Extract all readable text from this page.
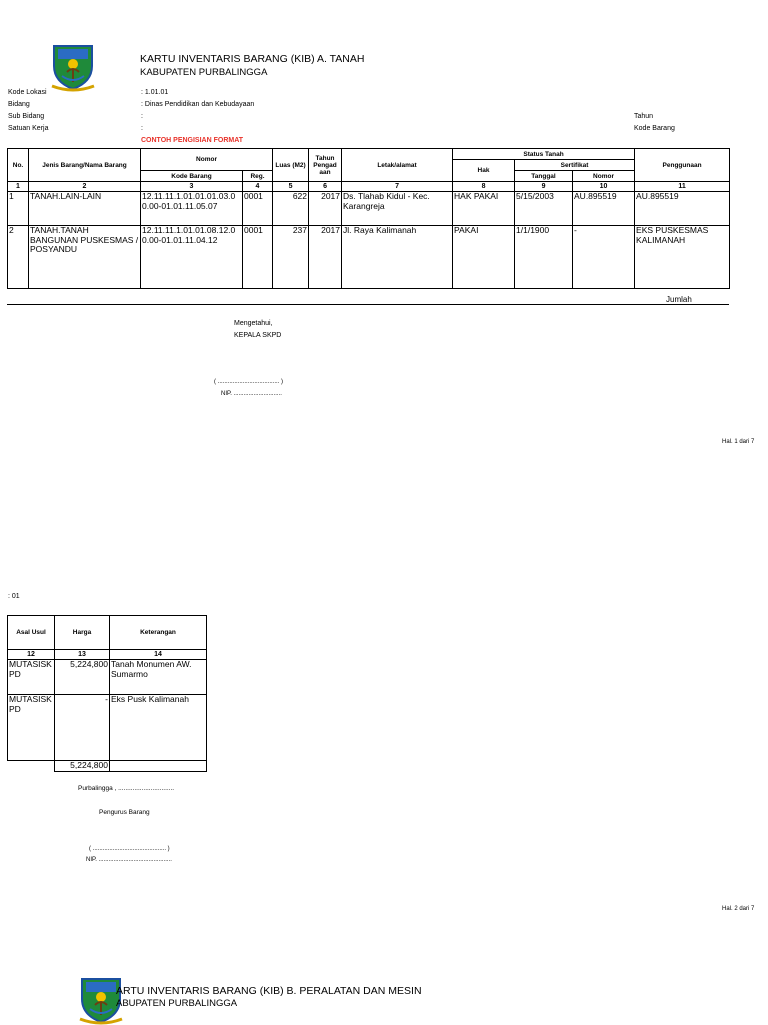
KARTU INVENTARIS BARANG (KIB) A. TANAH
KABUPATEN PURBALINGGA
Kode Lokasi	: 1.01.01
Bidang	: Dinas Pendidikan dan Kebudayaan
Sub Bidang	:
Satuan Kerja	:
Tahun
Kode Barang
CONTOH PENGISIAN FORMAT
No.	Jenis Barang/Nama Barang	Nomor		Luas (M2)	Tahun Pengad aan	Letak/alamat	Status Tanah			Penggunaan
							Hak	Sertifikat		
		Kode Barang	Reg.					Tanggal	Nomor	
1	2	3	4	5	6	7	8	9	10	11
1	TANAH.LAIN-LAIN	12.11.11.1.01.01.01.03.0 0.00-01.01.11.05.07	0001	622	2017	Ds. Tlahab Kidul - Kec. Karangreja	HAK PAKAI	5/15/2003	AU.895519	AU.895519
2	TANAH.TANAH BANGUNAN PUSKESMAS / POSYANDU	12.11.11.1.01.01.08.12.0 0.00-01.01.11.04.12	0001	237	2017	Jl. Raya Kalimanah	PAKAI	1/1/1900	-	EKS PUSKESMAS KALIMANAH
Jumlah
Mengetahui,
KEPALA SKPD
( ..................................... )
NIP. .............................
Hal. 1 dari 7
: 01
Asal Usul	Harga	Keterangan
12	13	14
MUTASISK PD	5,224,800	Tanah Monumen AW. Sumarmo
MUTASISK PD	-	Eks Pusk Kalimanah
	5,224,800	
Purbalingga , ...............................
Pengurus Barang
( ............................................ )
NIP. ............................................
Hal. 2 dari 7
ARTU INVENTARIS BARANG (KIB) B. PERALATAN DAN MESIN
ABUPATEN PURBALINGGA
